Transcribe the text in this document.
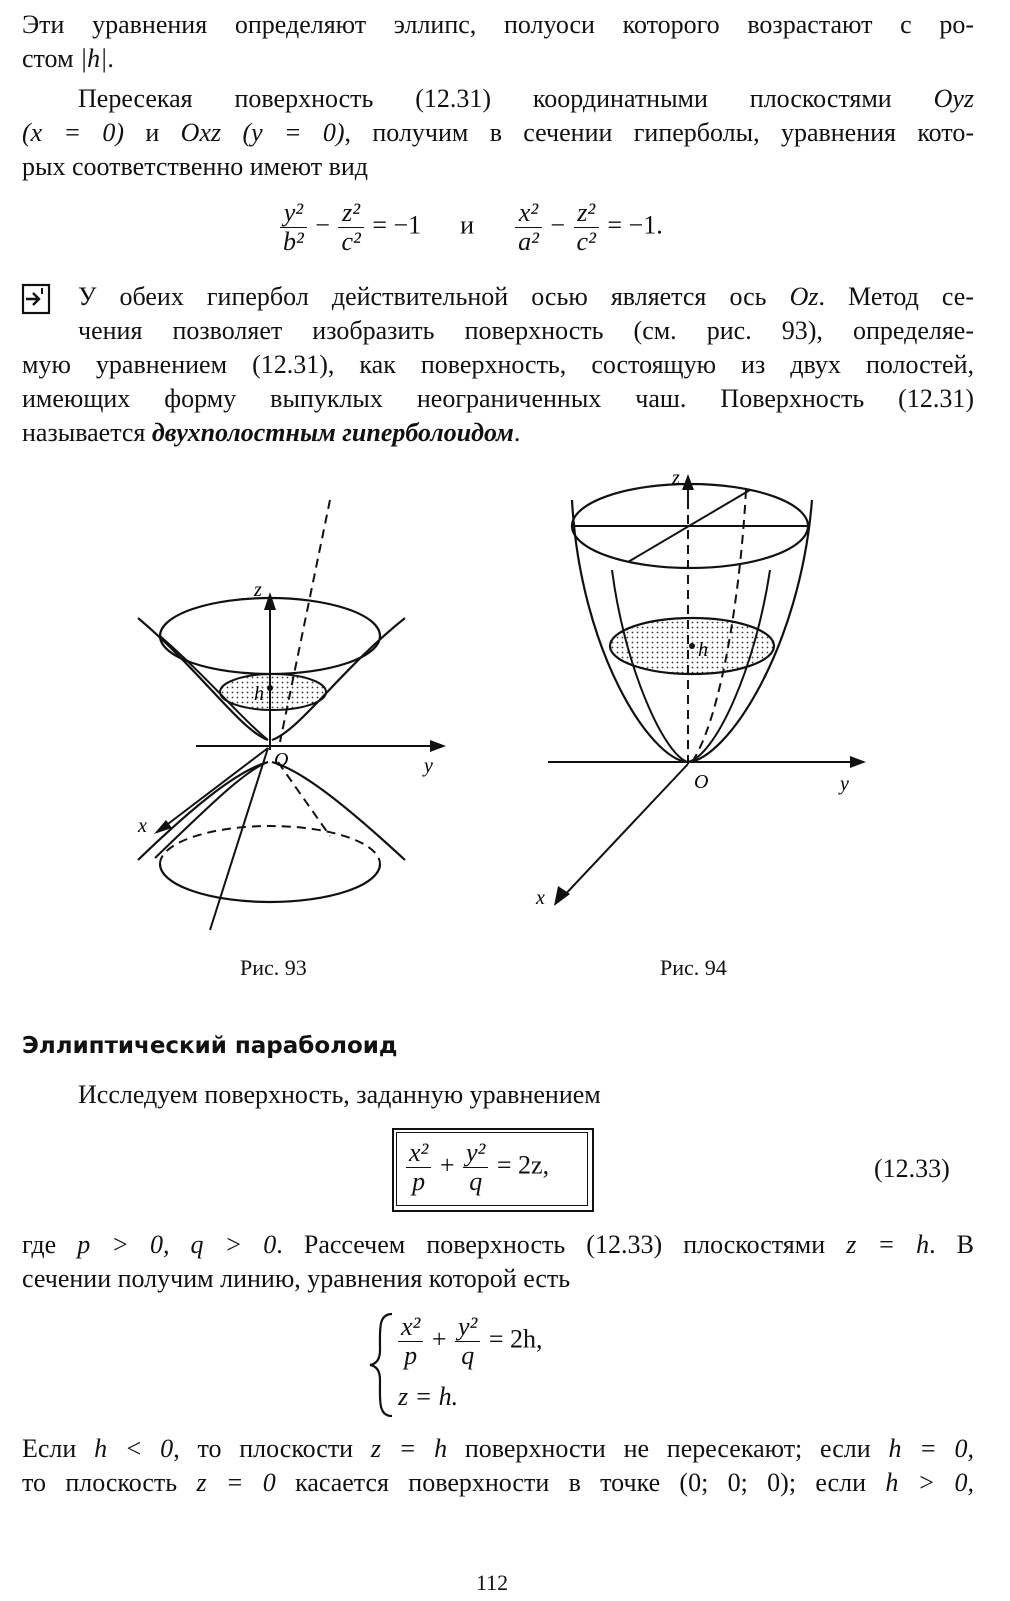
Эти уравнения определяют эллипс, полуоси которого возрастают с ро-
стом |h|.
Пересекая поверхность (12.31) координатными плоскостями Oyz
(x = 0) и Oxz (y = 0), получим в сечении гиперболы, уравнения кото-
рых соответственно имеют вид
$\frac{\text{y²}}{\text{b²}} - \frac{\text{z²}}{\text{c²}} = -1$ и $\frac{\text{x²}}{\text{a²}} - \frac{\text{z²}}{\text{c²}} = -1$.
У обеих гипербол действительной осью является ось Oz. Метод се-
чения позволяет изобразить поверхность (см. рис. 93), определяе-
мую уравнением (12.31), как поверхность, состоящую из двух полостей,
имеющих форму выпуклых неограниченных чаш. Поверхность (12.31)
называется двухполостным гиперболоидом.
z
h
O	y
x
z
h
O	y
x
Рис. 93	Рис. 94
Эллиптический параболоид
Исследуем поверхность, заданную уравнением
$\frac{\text{x²}}{p} + \frac{\text{y²}}{q} = 2z$,	(12.33)
где p > 0, q > 0. Рассечем поверхность (12.33) плоскостями z = h. В
сечении получим линию, уравнения которой есть
$\frac{\text{x²}}{p} + \frac{\text{y²}}{q} = 2h$,
z = h.
Если h < 0, то плоскости z = h поверхности не пересекают; если h = 0,
то плоскость z = 0 касается поверхности в точке (0; 0; 0); если h > 0,
112
